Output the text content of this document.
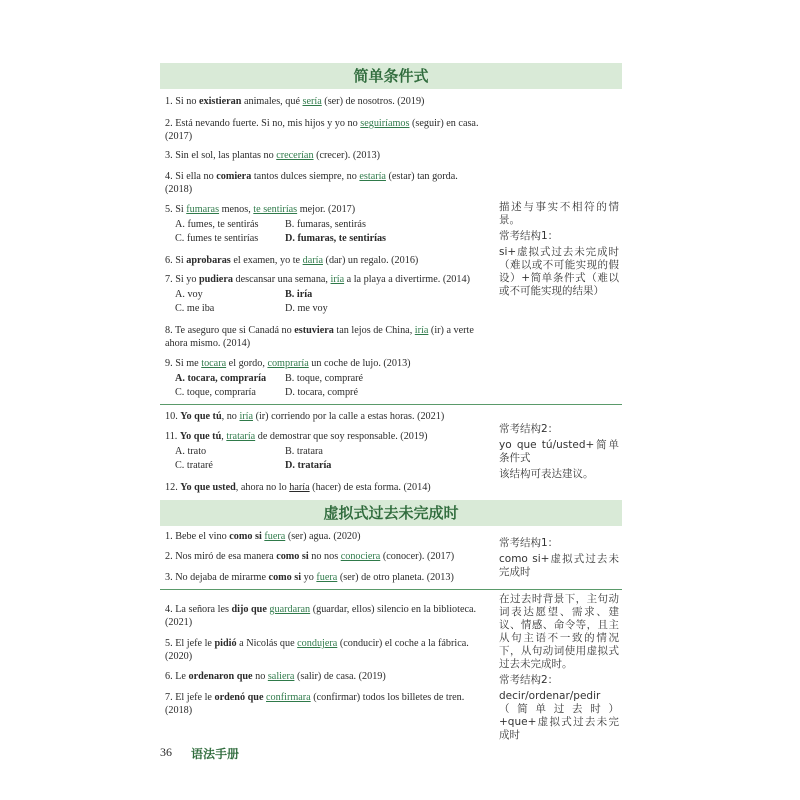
简单条件式

1. Si no existieran animales, qué sería (ser) de nosotros. (2019)

2. Está nevando fuerte. Si no, mis hijos y yo no seguiríamos (seguir) en casa. (2017)

3. Sin el sol, las plantas no crecerían (crecer). (2013)

4. Si ella no comiera tantos dulces siempre, no estaría (estar) tan gorda. (2018)

5. Si fumaras menos, te sentirías mejor. (2017)

A. fumes, te sentirás	B. fumaras, sentirás
C. fumes te sentirías	D. fumaras, te sentirías

6. Si aprobaras el examen, yo te daría (dar) un regalo. (2016)

7. Si yo pudiera descansar una semana, iría a la playa a divertirme. (2014)

A. voy	B. iría
C. me iba	D. me voy

8. Te aseguro que si Canadá no estuviera tan lejos de China, iría (ir) a verte ahora mismo. (2014)

9. Si me tocara el gordo, compraría un coche de lujo. (2013)

A. tocara, compraría	B. toque, compraré
C. toque, compraría	D. tocara, compré

描述与事实不相符的情景。

常考结构1：

si+虚拟式过去未完成时（难以或不可能实现的假设）+简单条件式（难以或不可能实现的结果）

10. Yo que tú, no iría (ir) corriendo por la calle a estas horas. (2021)

11. Yo que tú, trataría de demostrar que soy responsable. (2019)

A. trato	B. tratara
C. trataré	D. trataría

12. Yo que usted, ahora no lo haría (hacer) de esta forma. (2014)

常考结构2：

yo que tú/usted+简单条件式

该结构可表达建议。

虚拟式过去未完成时

1. Bebe el vino como si fuera (ser) agua. (2020)

2. Nos miró de esa manera como si no nos conociera (conocer). (2017)

3. No dejaba de mirarme como si yo fuera (ser) de otro planeta. (2013)

常考结构1：

como si+虚拟式过去未完成时

4. La señora les dijo que guardaran (guardar, ellos) silencio en la biblioteca. (2021)

5. El jefe le pidió a Nicolás que condujera (conducir) el coche a la fábrica. (2020)

6. Le ordenaron que no saliera (salir) de casa. (2019)

7. El jefe le ordenó que confirmara (confirmar) todos los billetes de tren. (2018)

在过去时背景下，主句动词表达愿望、需求、建议、情感、命令等，且主从句主语不一致的情况下，从句动词使用虚拟式过去未完成时。

常考结构2：

decir/ordenar/pedir（简单过去时）+que+虚拟式过去未完成时

36 语法手册
